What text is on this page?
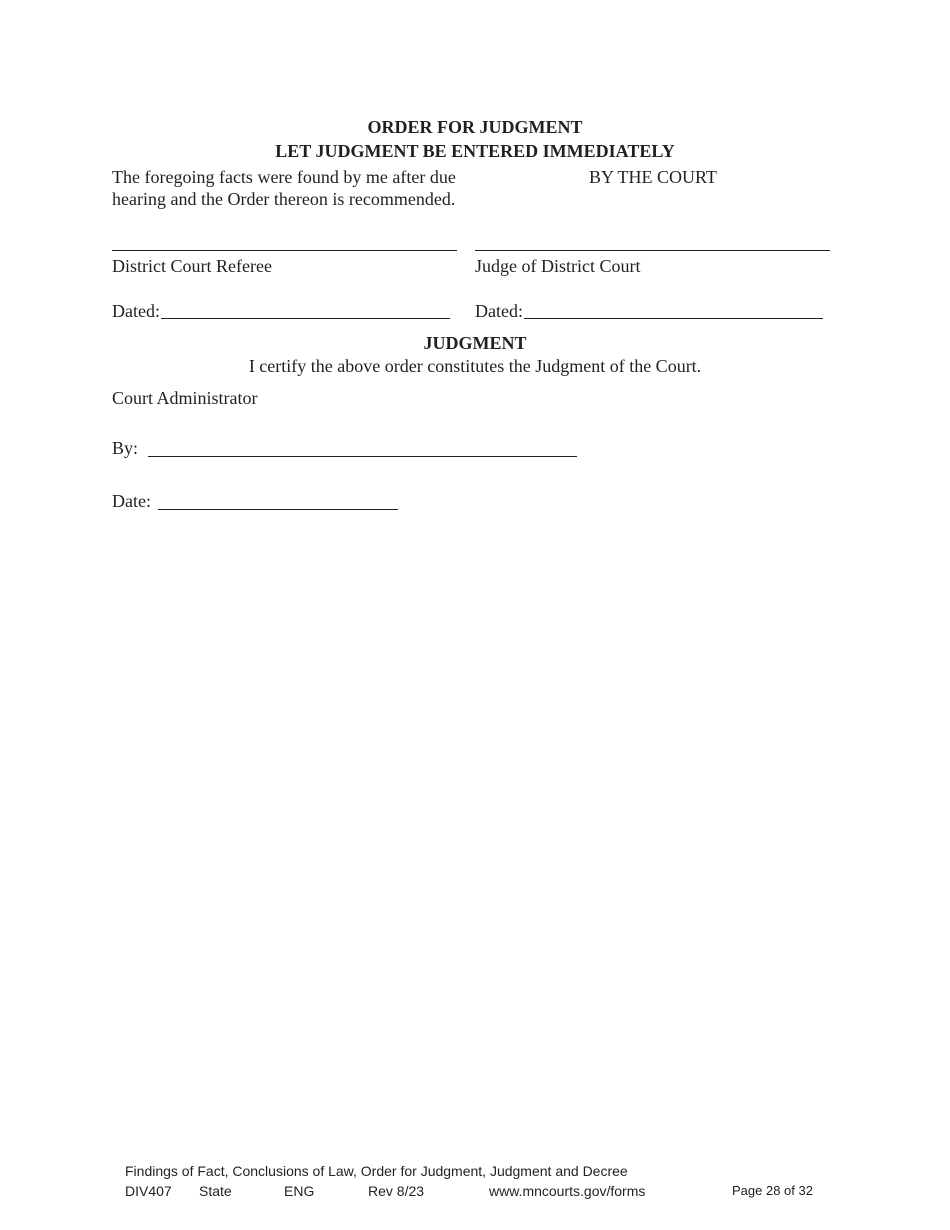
ORDER FOR JUDGMENT
LET JUDGMENT BE ENTERED IMMEDIATELY
The foregoing facts were found by me after due
hearing and the Order thereon is recommended.
BY THE COURT
District Court Referee	Judge of District Court
Dated:	Dated:
JUDGMENT
I certify the above order constitutes the Judgment of the Court.
Court Administrator
By:
Date:
Findings of Fact, Conclusions of Law, Order for Judgment, Judgment and Decree
DIV407 State	ENG	Rev 8/23	www.mncourts.gov/forms	Page 28 of 32
